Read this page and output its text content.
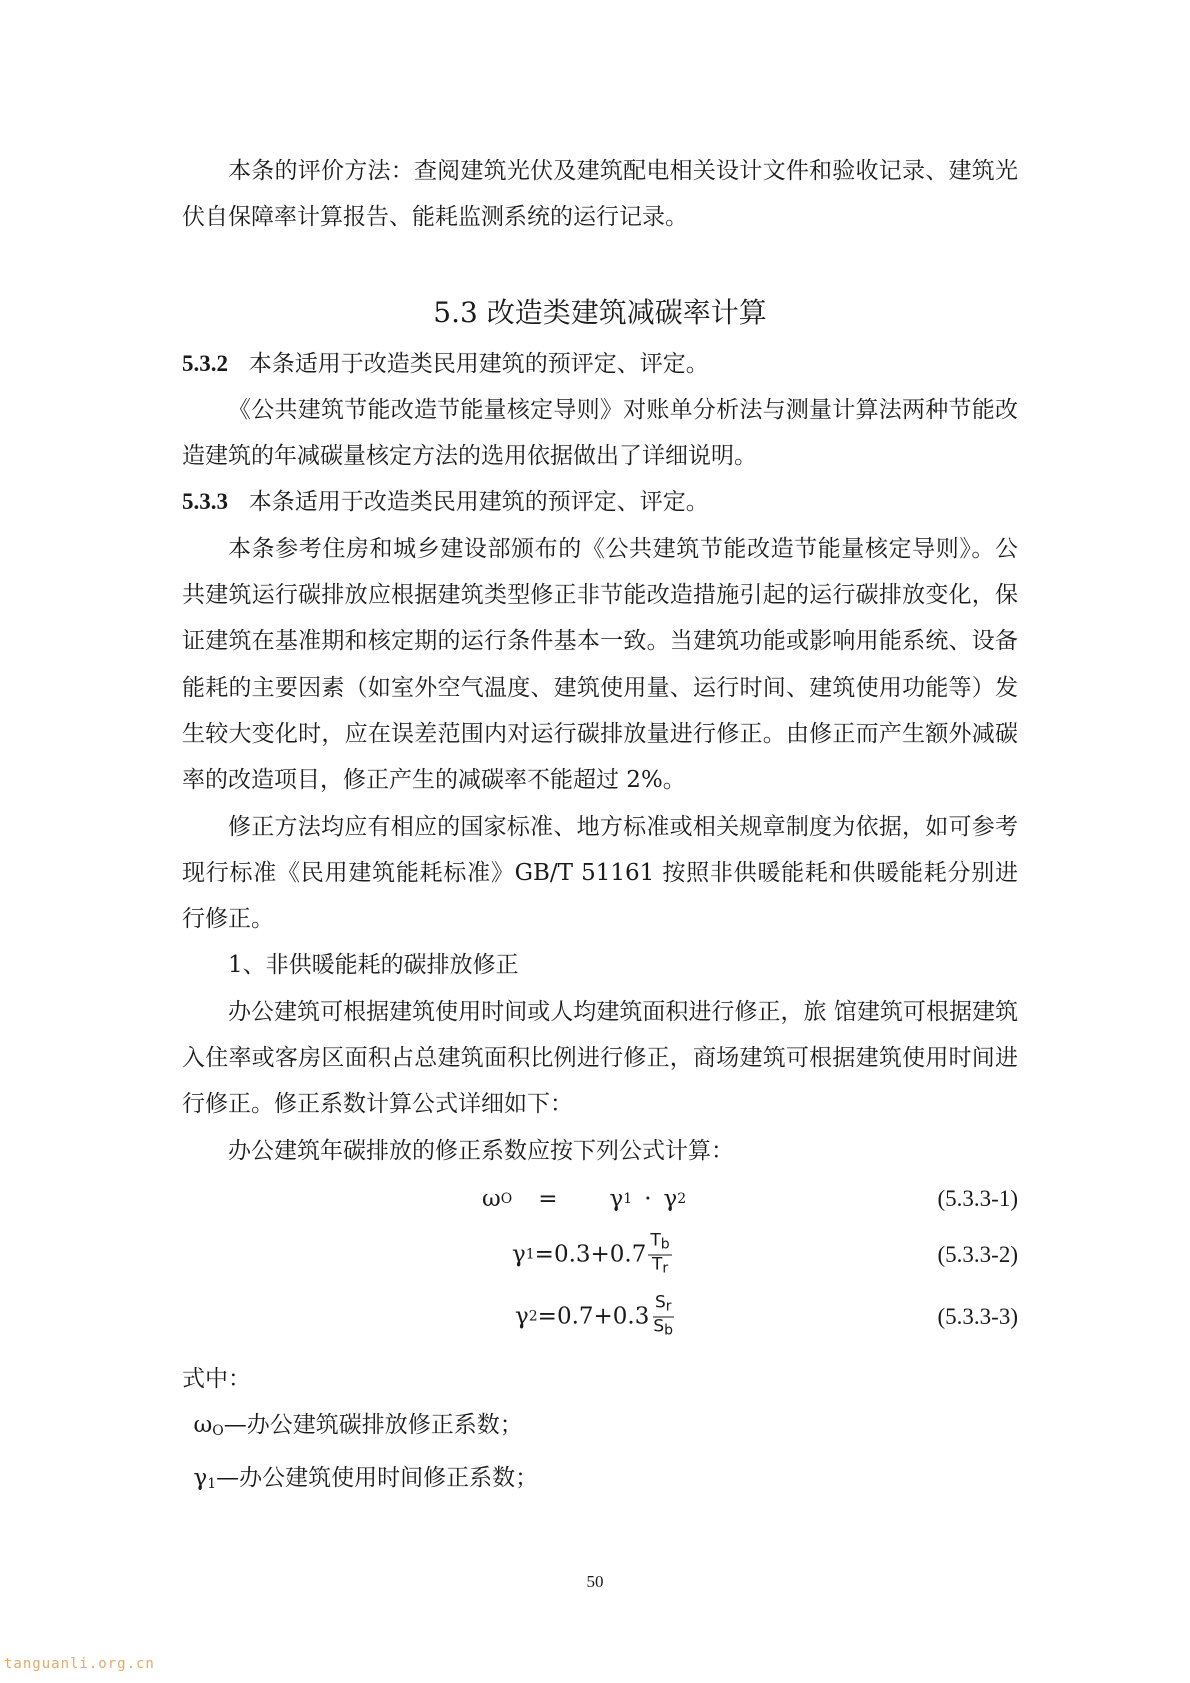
本条的评价方法：查阅建筑光伏及建筑配电相关设计文件和验收记录、建筑光伏自保障率计算报告、能耗监测系统的运行记录。

5.3 改造类建筑减碳率计算

5.3.2 本条适用于改造类民用建筑的预评定、评定。

《公共建筑节能改造节能量核定导则》对账单分析法与测量计算法两种节能改造建筑的年减碳量核定方法的选用依据做出了详细说明。

5.3.3 本条适用于改造类民用建筑的预评定、评定。

本条参考住房和城乡建设部颁布的《公共建筑节能改造节能量核定导则》。公共建筑运行碳排放应根据建筑类型修正非节能改造措施引起的运行碳排放变化，保证建筑在基准期和核定期的运行条件基本一致。当建筑功能或影响用能系统、设备能耗的主要因素（如室外空气温度、建筑使用量、运行时间、建筑使用功能等）发生较大变化时，应在误差范围内对运行碳排放量进行修正。由修正而产生额外减碳率的改造项目，修正产生的减碳率不能超过 2%。

修正方法均应有相应的国家标准、地方标准或相关规章制度为依据，如可参考现行标准《民用建筑能耗标准》GB/T 51161 按照非供暖能耗和供暖能耗分别进行修正。

1、非供暖能耗的碳排放修正

办公建筑可根据建筑使用时间或人均建筑面积进行修正，旅 馆建筑可根据建筑入住率或客房区面积占总建筑面积比例进行修正，商场建筑可根据建筑使用时间进行修正。修正系数计算公式详细如下：

办公建筑年碳排放的修正系数应按下列公式计算：

ω O = γ 1 · γ 2	(5.3.3-1)
γ $1 =0.3+0.7 \frac{T_b}{T_r}$	(5.3.3-2)
γ $2 =0.7+0.3 \frac{S_r}{S_b}$	(5.3.3-3)

式中：

$\omega_O—$办公建筑碳排放修正系数；

$\gamma_1—$办公建筑使用时间修正系数；

50
tanguanli.org.cn
